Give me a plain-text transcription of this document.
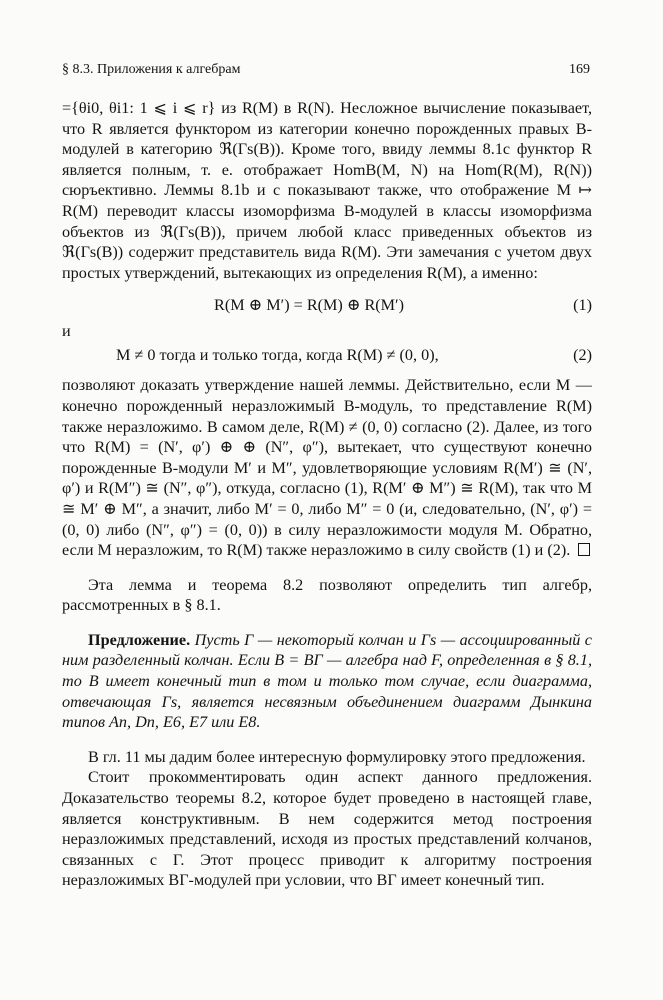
§ 8.3. Приложения к алгебрам	169

={θi0, θi1: 1 ⩽ i ⩽ r} из R(M) в R(N). Несложное вычисление показывает, что R является функтором из категории конечно порожденных правых B-модулей в категорию ℜ(Γs(B)). Кроме того, ввиду леммы 8.1с функтор R является полным, т. е. отображает HomB(M, N) на Hom(R(M), R(N)) сюръективно. Леммы 8.1b и с показывают также, что отображение M ↦ R(M) переводит классы изоморфизма B-модулей в классы изоморфизма объектов из ℜ(Γs(B)), причем любой класс приведенных объектов из ℜ(Γs(B)) содержит представитель вида R(M). Эти замечания с учетом двух простых утверждений, вытекающих из определения R(M), а именно:

R(M ⊕ M′) = R(M) ⊕ R(M′)	(1)
и
M ≠ 0 тогда и только тогда, когда R(M) ≠ (0, 0),	(2)

позволяют доказать утверждение нашей леммы. Действительно, если M — конечно порожденный неразложимый B-модуль, то представление R(M) также неразложимо. В самом деле, R(M) ≠ (0, 0) согласно (2). Далее, из того что R(M) = (N′, φ′) ⊕ ⊕ (N″, φ″), вытекает, что существуют конечно порожденные B-модули M′ и M″, удовлетворяющие условиям R(M′) ≅ (N′, φ′) и R(M″) ≅ (N″, φ″), откуда, согласно (1), R(M′ ⊕ M″) ≅ R(M), так что M ≅ M′ ⊕ M″, а значит, либо M′ = 0, либо M″ = 0 (и, следовательно, (N′, φ′) = (0, 0) либо (N″, φ″) = (0, 0)) в силу неразложимости модуля M. Обратно, если M неразложим, то R(M) также неразложимо в силу свойств (1) и (2).

Эта лемма и теорема 8.2 позволяют определить тип алгебр, рассмотренных в § 8.1.

Предложение. Пусть Γ — некоторый колчан и Γs — ассоциированный с ним разделенный колчан. Если B = BΓ — алгебра над F, определенная в § 8.1, то B имеет конечный тип в том и только том случае, если диаграмма, отвечающая Γs, является несвязным объединением диаграмм Дынкина типов An, Dn, E6, E7 или E8.

В гл. 11 мы дадим более интересную формулировку этого предложения.

Стоит прокомментировать один аспект данного предложения. Доказательство теоремы 8.2, которое будет проведено в настоящей главе, является конструктивным. В нем содержится метод построения неразложимых представлений, исходя из простых представлений колчанов, связанных с Γ. Этот процесс приводит к алгоритму построения неразложимых BΓ-модулей при условии, что BΓ имеет конечный тип.
